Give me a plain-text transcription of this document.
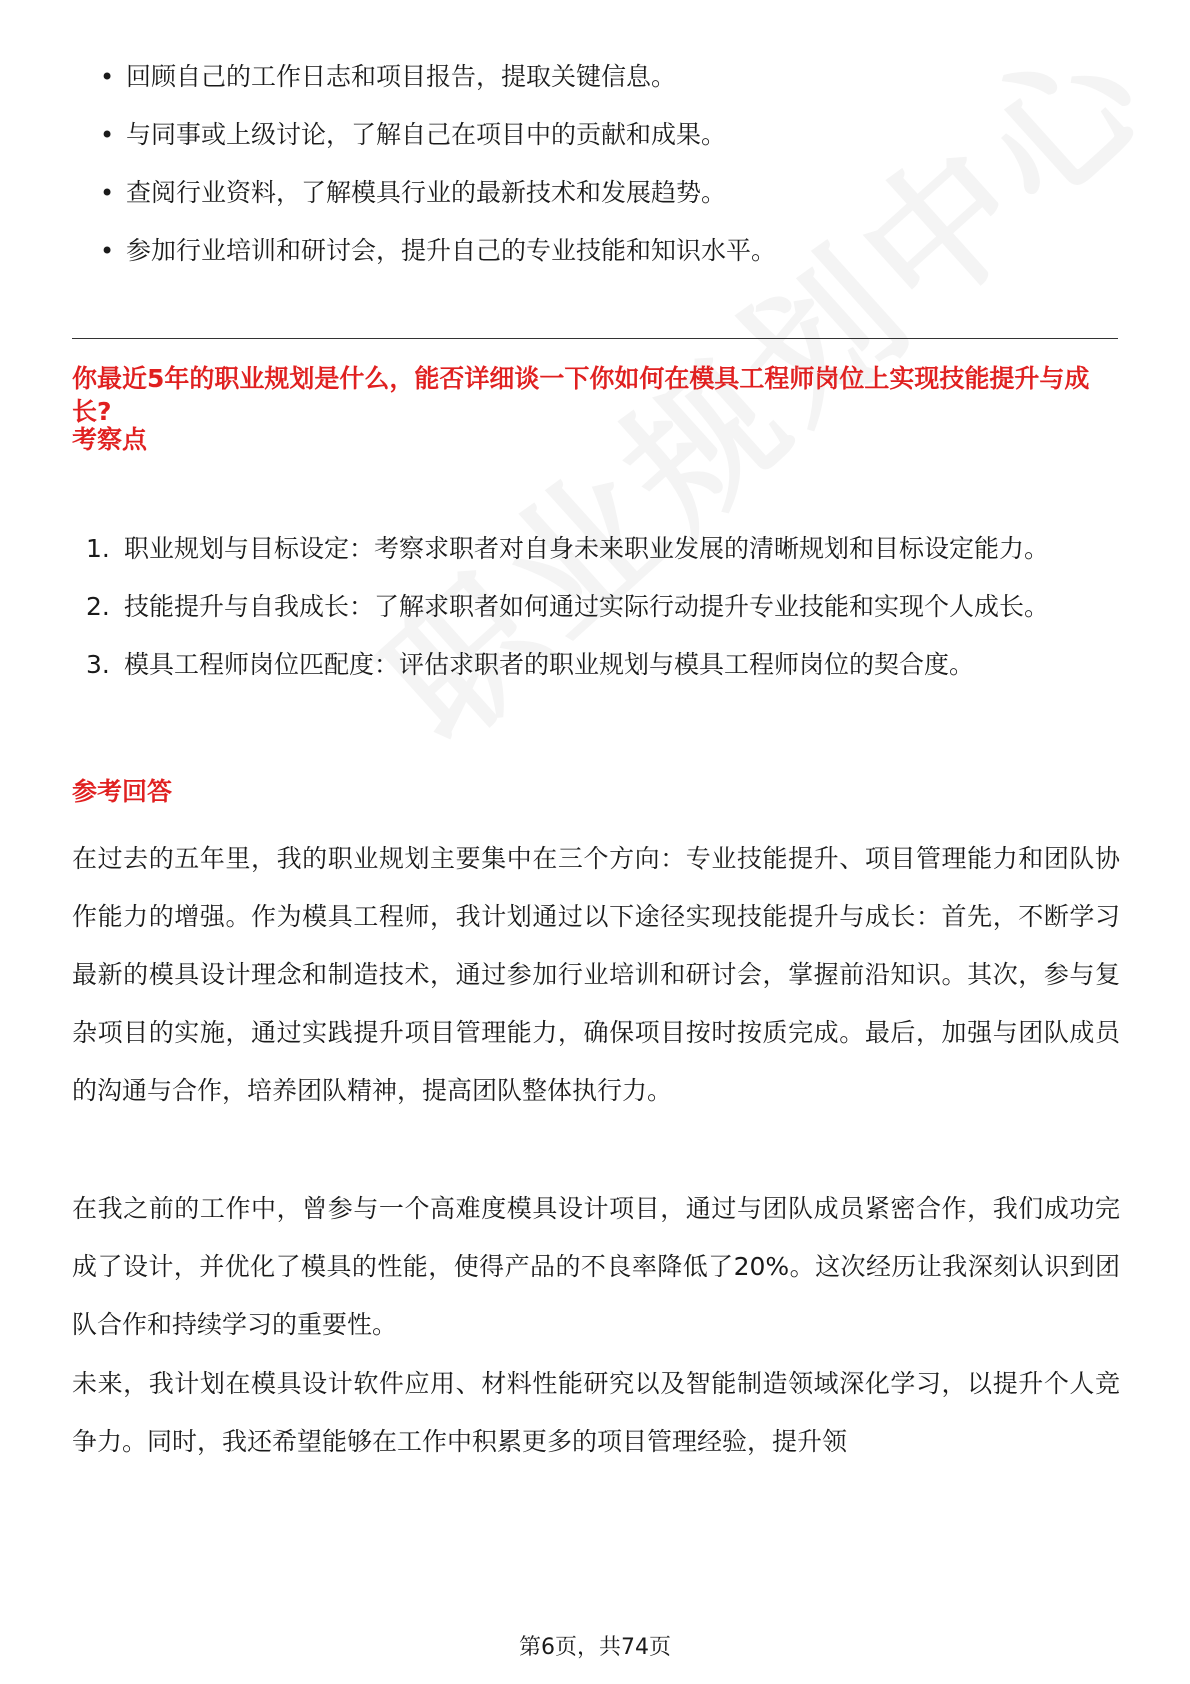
• 回顾自己的工作日志和项目报告，提取关键信息。
• 与同事或上级讨论，了解自己在项目中的贡献和成果。
• 查阅行业资料，了解模具行业的最新技术和发展趋势。
• 参加行业培训和研讨会，提升自己的专业技能和知识水平。
你最近5年的职业规划是什么，能否详细谈一下你如何在模具工程师岗位上实现技能提升与成长?
考察点
1. 职业规划与目标设定：考察求职者对自身未来职业发展的清晰规划和目标设定能力。
2. 技能提升与自我成长：了解求职者如何通过实际行动提升专业技能和实现个人成长。
3. 模具工程师岗位匹配度：评估求职者的职业规划与模具工程师岗位的契合度。
参考回答

在过去的五年里，我的职业规划主要集中在三个方向：专业技能提升、项目管理能力和团队协作能力的增强。作为模具工程师，我计划通过以下途径实现技能提升与成长：首先，不断学习最新的模具设计理念和制造技术，通过参加行业培训和研讨会，掌握前沿知识。其次，参与复杂项目的实施，通过实践提升项目管理能力，确保项目按时按质完成。最后，加强与团队成员的沟通与合作，培养团队精神，提高团队整体执行力。

在我之前的工作中，曾参与一个高难度模具设计项目，通过与团队成员紧密合作，我们成功完成了设计，并优化了模具的性能，使得产品的不良率降低了20%。这次经历让我深刻认识到团队合作和持续学习的重要性。

未来，我计划在模具设计软件应用、材料性能研究以及智能制造领域深化学习，以提升个人竞争力。同时，我还希望能够在工作中积累更多的项目管理经验，提升领

第6页，共74页
